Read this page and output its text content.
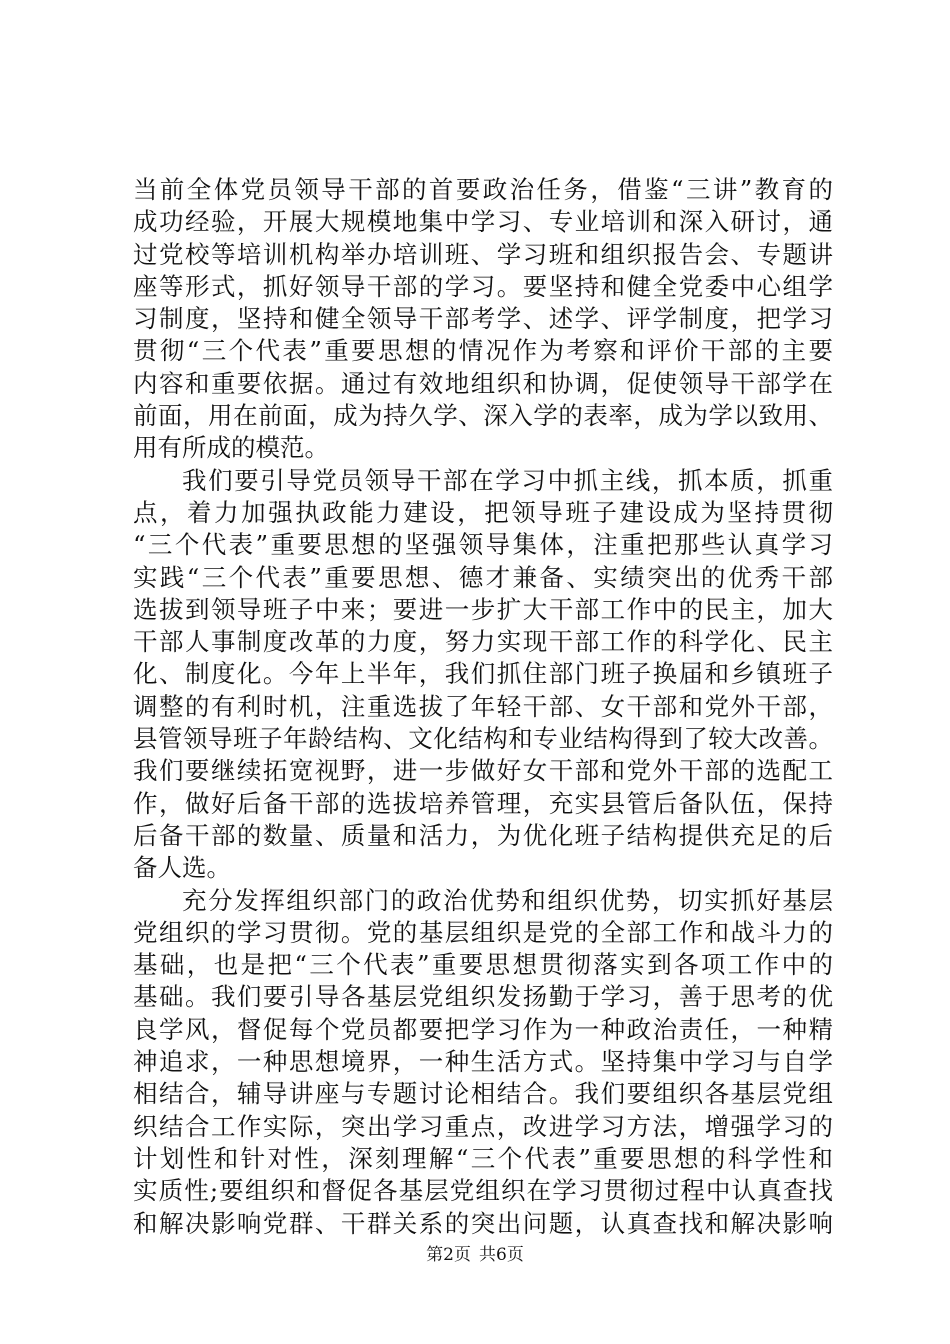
当前全体党员领导干部的首要政治任务，借鉴“三讲”教育的
成功经验，开展大规模地集中学习、专业培训和深入研讨，通
过党校等培训机构举办培训班、学习班和组织报告会、专题讲
座等形式，抓好领导干部的学习。要坚持和健全党委中心组学
习制度，坚持和健全领导干部考学、述学、评学制度，把学习
贯彻“三个代表”重要思想的情况作为考察和评价干部的主要
内容和重要依据。通过有效地组织和协调，促使领导干部学在
前面，用在前面，成为持久学、深入学的表率，成为学以致用、
用有所成的模范。
我们要引导党员领导干部在学习中抓主线，抓本质，抓重
点，着力加强执政能力建设，把领导班子建设成为坚持贯彻
“三个代表”重要思想的坚强领导集体，注重把那些认真学习
实践“三个代表”重要思想、德才兼备、实绩突出的优秀干部
选拔到领导班子中来；要进一步扩大干部工作中的民主，加大
干部人事制度改革的力度，努力实现干部工作的科学化、民主
化、制度化。今年上半年，我们抓住部门班子换届和乡镇班子
调整的有利时机，注重选拔了年轻干部、女干部和党外干部，
县管领导班子年龄结构、文化结构和专业结构得到了较大改善。
我们要继续拓宽视野，进一步做好女干部和党外干部的选配工
作，做好后备干部的选拔培养管理，充实县管后备队伍，保持
后备干部的数量、质量和活力，为优化班子结构提供充足的后
备人选。
充分发挥组织部门的政治优势和组织优势，切实抓好基层
党组织的学习贯彻。党的基层组织是党的全部工作和战斗力的
基础，也是把“三个代表”重要思想贯彻落实到各项工作中的
基础。我们要引导各基层党组织发扬勤于学习，善于思考的优
良学风，督促每个党员都要把学习作为一种政治责任，一种精
神追求，一种思想境界，一种生活方式。坚持集中学习与自学
相结合，辅导讲座与专题讨论相结合。我们要组织各基层党组
织结合工作实际，突出学习重点，改进学习方法，增强学习的
计划性和针对性，深刻理解“三个代表”重要思想的科学性和
实质性;要组织和督促各基层党组织在学习贯彻过程中认真查找
和解决影响党群、干群关系的突出问题，认真查找和解决影响
第2页 共6页
